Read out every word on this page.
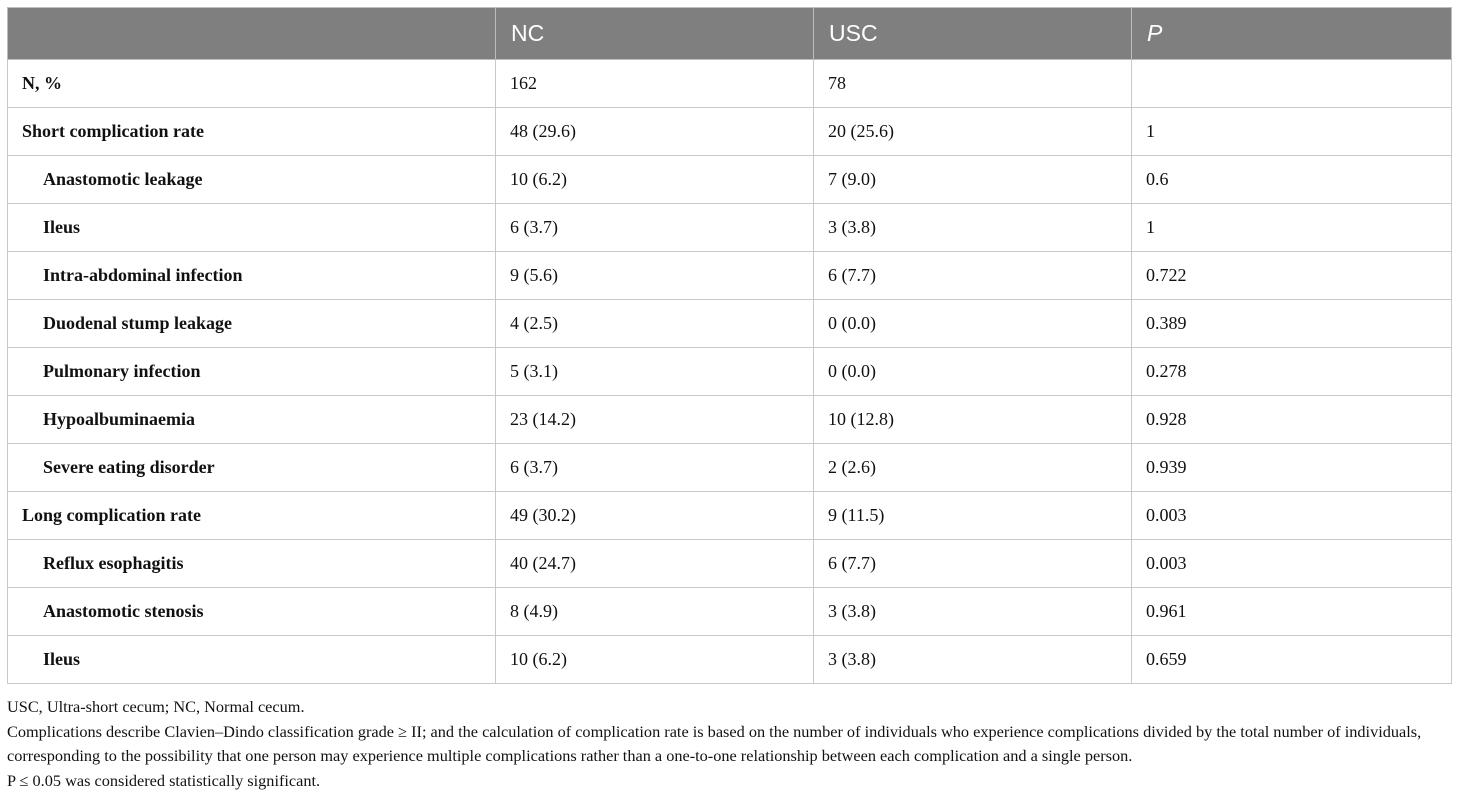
	NC	USC	P
N, %	162	78	
Short complication rate	48 (29.6)	20 (25.6)	1
Anastomotic leakage	10 (6.2)	7 (9.0)	0.6
Ileus	6 (3.7)	3 (3.8)	1
Intra-abdominal infection	9 (5.6)	6 (7.7)	0.722
Duodenal stump leakage	4 (2.5)	0 (0.0)	0.389
Pulmonary infection	5 (3.1)	0 (0.0)	0.278
Hypoalbuminaemia	23 (14.2)	10 (12.8)	0.928
Severe eating disorder	6 (3.7)	2 (2.6)	0.939
Long complication rate	49 (30.2)	9 (11.5)	0.003
Reflux esophagitis	40 (24.7)	6 (7.7)	0.003
Anastomotic stenosis	8 (4.9)	3 (3.8)	0.961
Ileus	10 (6.2)	3 (3.8)	0.659

USC, Ultra-short cecum; NC, Normal cecum.

Complications describe Clavien–Dindo classification grade ≥ II; and the calculation of complication rate is based on the number of individuals who experience complications divided by the total number of individuals, corresponding to the possibility that one person may experience multiple complications rather than a one-to-one relationship between each complication and a single person.

P ≤ 0.05 was considered statistically significant.
